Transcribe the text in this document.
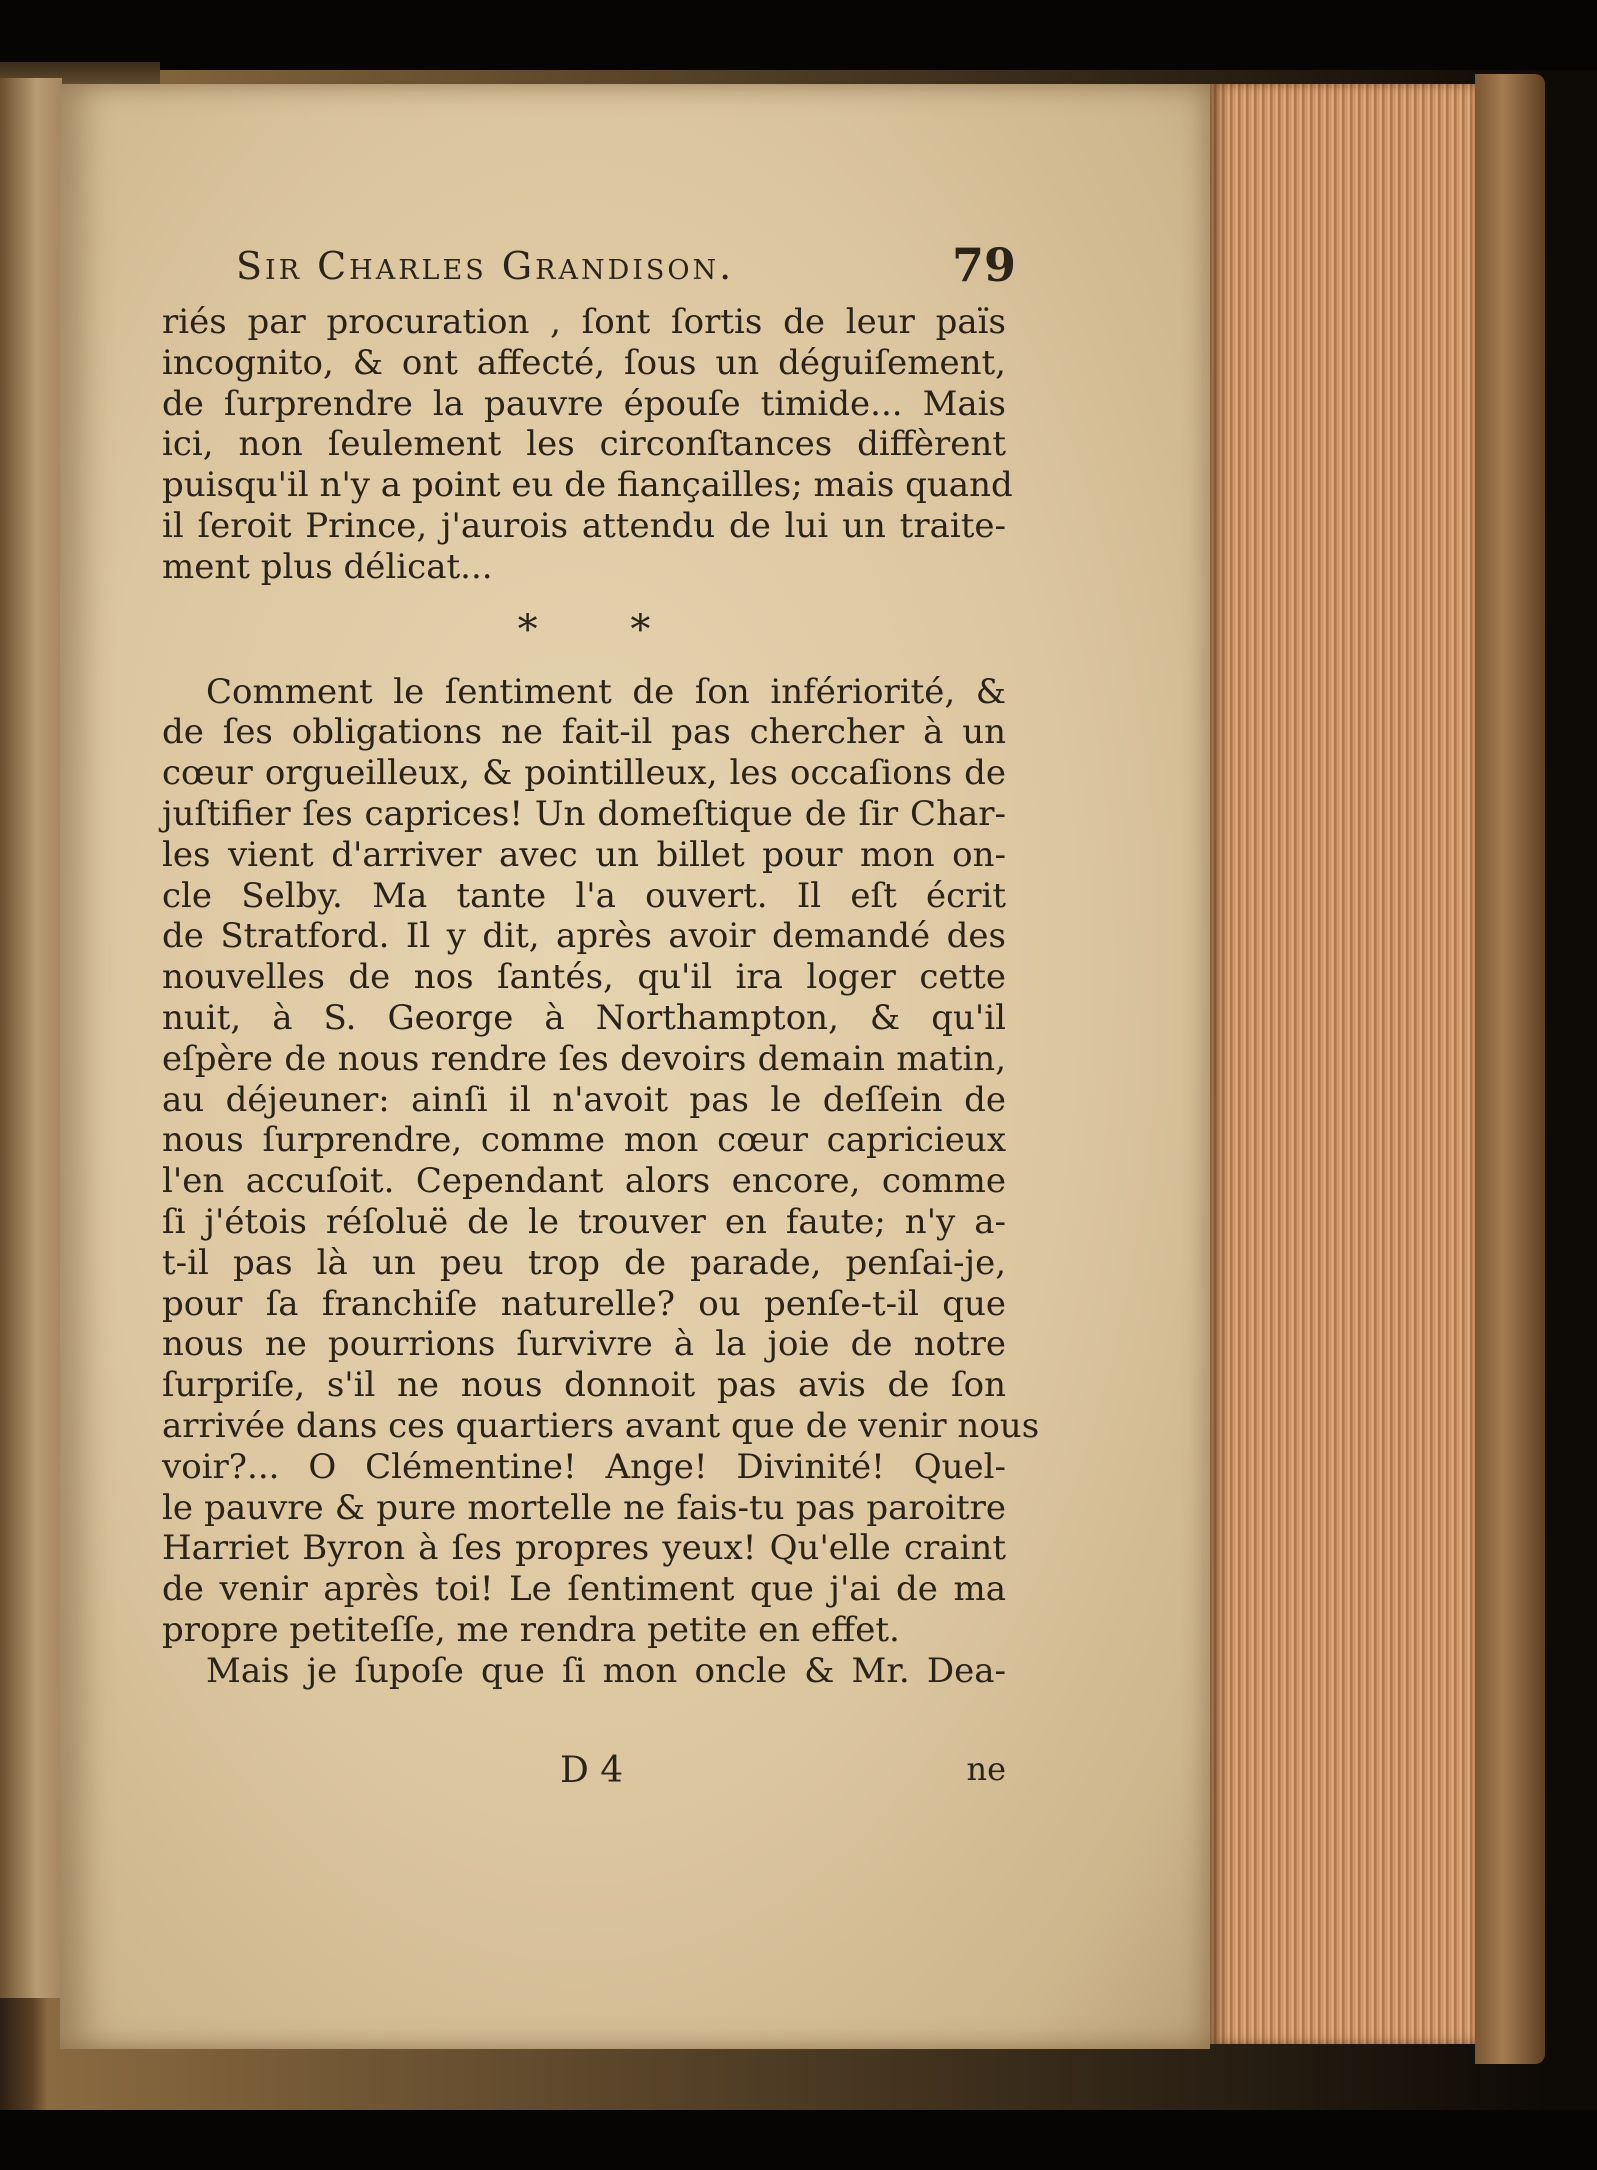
Sir Charles Grandison.	79
riés par procuration , ſont ſortis de leur païs
incognito, & ont affecté, ſous un déguiſement,
de ſurprendre la pauvre épouſe timide... Mais
ici, non ſeulement les circonſtances diffèrent
puisqu'il n'y a point eu de fiançailles; mais quand
il ſeroit Prince, j'aurois attendu de lui un traite-
ment plus délicat...
* *
Comment le ſentiment de ſon infériorité, &
de ſes obligations ne fait-il pas chercher à un
cœur orgueilleux, & pointilleux, les occaſions de
juſtifier ſes caprices! Un domeſtique de ſir Char-
les vient d'arriver avec un billet pour mon on-
cle Selby. Ma tante l'a ouvert. Il eſt écrit
de Stratford. Il y dit, après avoir demandé des
nouvelles de nos ſantés, qu'il ira loger cette
nuit, à S. George à Northampton, & qu'il
eſpère de nous rendre ſes devoirs demain matin,
au déjeuner: ainſi il n'avoit pas le deſſein de
nous ſurprendre, comme mon cœur capricieux
l'en accuſoit. Cependant alors encore, comme
ſi j'étois réſoluë de le trouver en faute; n'y a-
t-il pas là un peu trop de parade, penſai-je,
pour ſa franchiſe naturelle? ou penſe-t-il que
nous ne pourrions ſurvivre à la joie de notre
ſurpriſe, s'il ne nous donnoit pas avis de ſon
arrivée dans ces quartiers avant que de venir nous
voir?... O Clémentine! Ange! Divinité! Quel-
le pauvre & pure mortelle ne fais-tu pas paroitre
Harriet Byron à ſes propres yeux! Qu'elle craint
de venir après toi! Le ſentiment que j'ai de ma
propre petiteſſe, me rendra petite en effet.
Mais je ſupoſe que ſi mon oncle & Mr. Dea-
D 4	ne
